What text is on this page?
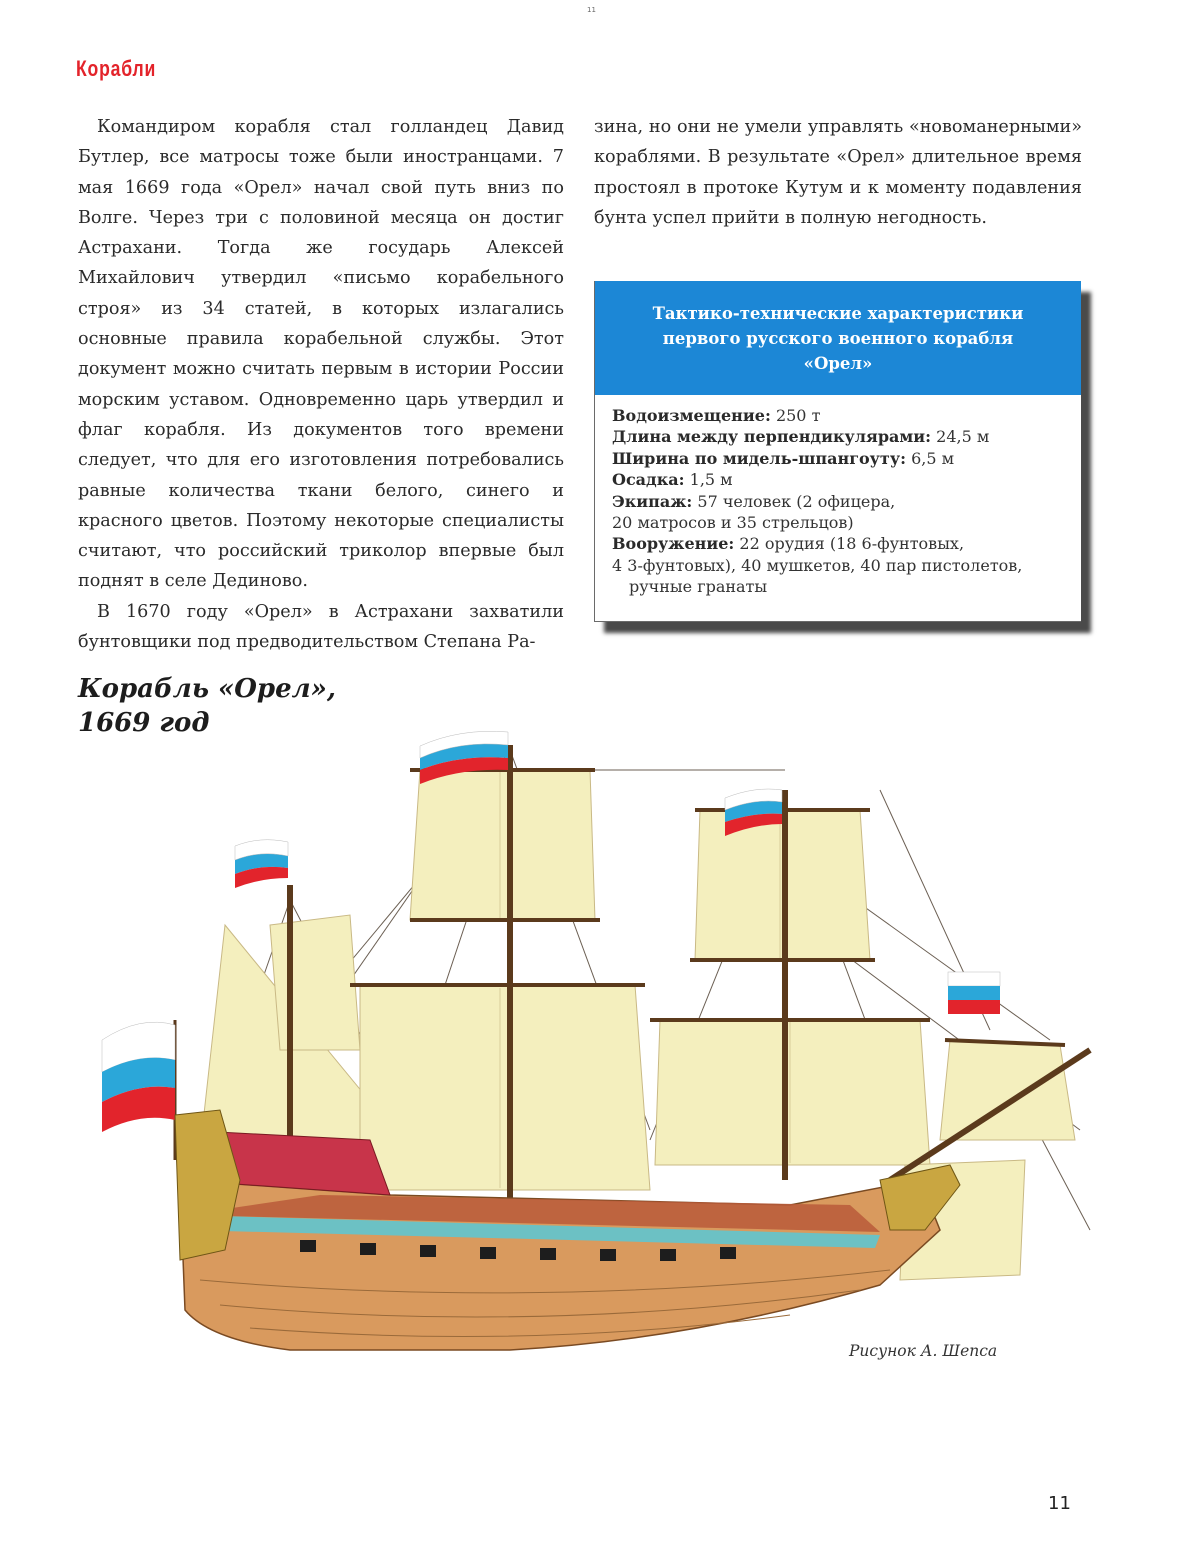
11
Корабли

Командиром корабля стал голландец Давид Бутлер, все матросы тоже были иностранцами. 7 мая 1669 года «Орел» начал свой путь вниз по Волге. Через три с половиной месяца он достиг Астрахани. Тогда же государь Алексей Михайлович утвердил «письмо корабельного строя» из 34 статей, в которых излагались основные правила корабельной службы. Этот документ можно считать первым в истории России морским уставом. Одновременно царь утвердил и флаг корабля. Из документов того времени следует, что для его изготовления потребовались равные количества ткани белого, синего и красного цветов. Поэтому некоторые специалисты считают, что российский триколор впервые был поднят в селе Дединово.

В 1670 году «Орел» в Астрахани захватили бунтовщики под предводительством Степана Ра-

зина, но они не умели управлять «новоманерными» кораблями. В результате «Орел» длительное время простоял в протоке Кутум и к моменту подавления бунта успел прийти в полную негодность.

Тактико-технические характеристики первого русского военного корабля «Орел»
Водоизмещение: 250 т
Длина между перпендикулярами: 24,5 м
Ширина по мидель-шпангоуту: 6,5 м
Осадка: 1,5 м
Экипаж: 57 человек (2 офицера,
20 матросов и 35 стрельцов)
Вооружение: 22 орудия (18 6-фунтовых,
4 3-фунтовых), 40 мушкетов, 40 пар пистолетов, ручные гранаты
Корабль «Орел»,
1669 год
Рисунок А. Шепса
11
